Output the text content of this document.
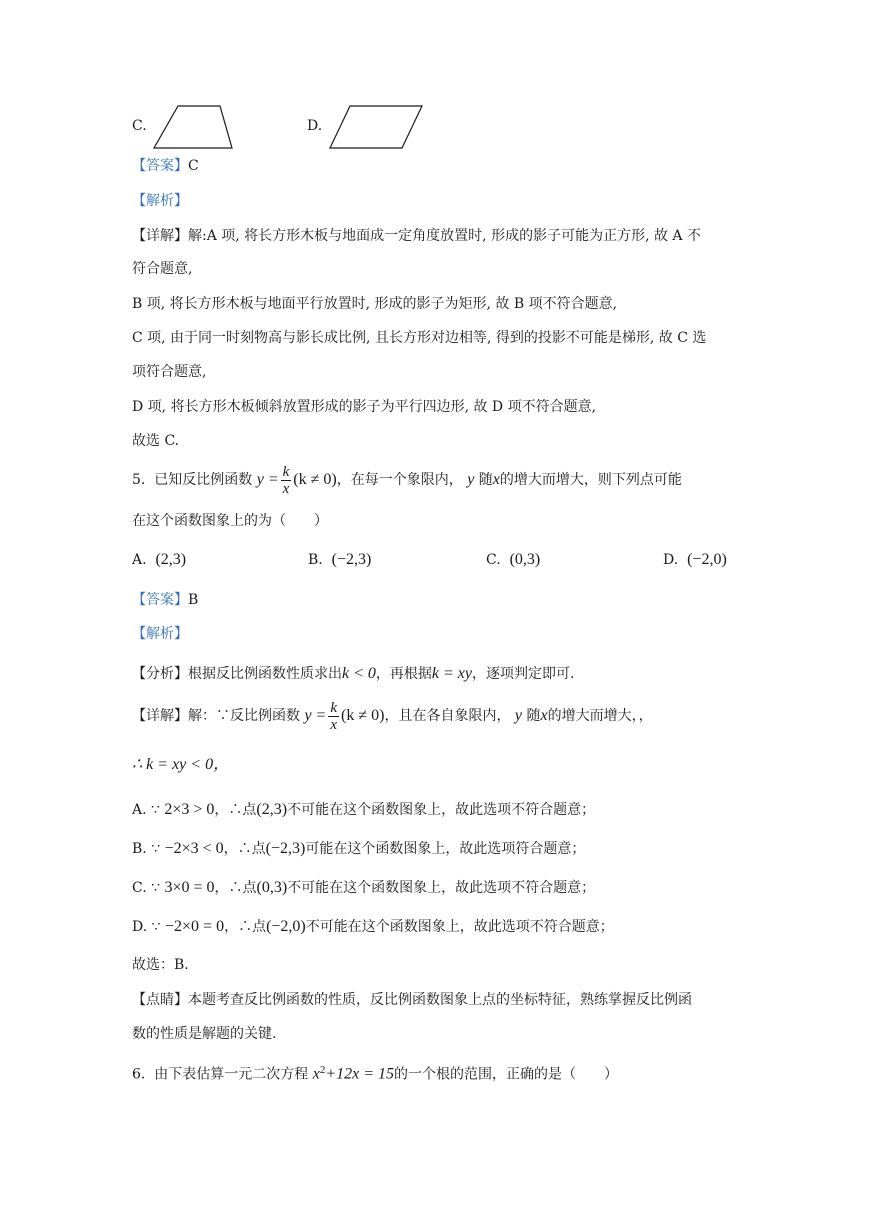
C.	D.
【答案】C
【解析】
【详解】解:A 项, 将长方形木板与地面成一定角度放置时, 形成的影子可能为正方形, 故 A 不
符合题意,
B 项, 将长方形木板与地面平行放置时, 形成的影子为矩形, 故 B 项不符合题意,
C 项, 由于同一时刻物高与影长成比例, 且长方形对边相等, 得到的投影不可能是梯形, 故 C 选
项符合题意,
D 项, 将长方形木板倾斜放置形成的影子为平行四边形, 故 D 项不符合题意,
故选 C.
5. 已知反比例函数 $y = \frac{k}{x} (k \ne 0)$，在每一个象限内， y 随x的增大而增大，则下列点可能
在这个函数图象上的为（　　）
A. (2,3)	B. (−2,3)	C. (0,3)	D. (−2,0)
【答案】B
【解析】
【分析】根据反比例函数性质求出k < 0，再根据k = xy，逐项判定即可.
【详解】解：∵反比例函数 $y = \frac{k}{x} (k \ne 0)$，且在各自象限内， y 随x的增大而增大，，
∴ k = xy < 0，
A. ∵ 2×3 > 0，∴点(2,3)不可能在这个函数图象上，故此选项不符合题意；
B. ∵ −2×3 < 0，∴点(−2,3)可能在这个函数图象上，故此选项符合题意；
C. ∵ 3×0 = 0，∴点(0,3)不可能在这个函数图象上，故此选项不符合题意；
D. ∵ −2×0 = 0，∴点(−2,0)不可能在这个函数图象上，故此选项不符合题意；
故选：B.
【点睛】本题考查反比例函数的性质，反比例函数图象上点的坐标特征，熟练掌握反比例函
数的性质是解题的关键.
6. 由下表估算一元二次方程 $x^2+12x = 15$的一个根的范围，正确的是（　　）
